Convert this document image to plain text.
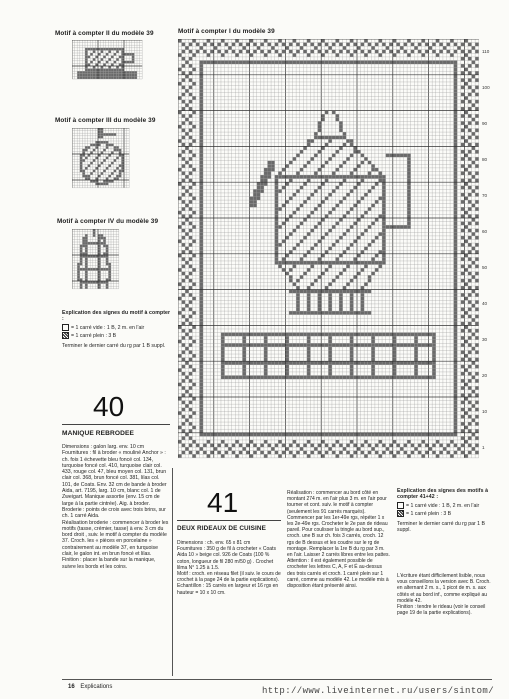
Motif à compter II du modèle 39
Motif à compter III du modèle 39
Motif à compter IV du modèle 39
Explication des signes du motif à compter :
= 1 carré vide : 1 B, 2 m. en l'air
= 1 carré plein : 3 B
Terminer le dernier carré du rg par 1 B suppl.
Motif à compter I du modèle 39
110
100
90
80
70
60
50
40
30
20
10
1
40
MANIQUE REBRODEE
Dimensions : galon larg. env. 10 cm
Fournitures : fil à broder « mouliné Anchor » : ch. fois 1 échevette bleu foncé col. 134, turquoise foncé col. 410, turquoise clair col. 433, rouge col. 47, bleu moyen col. 131, brun clair col. 368, brun foncé col. 381, lilas col. 101, de Coats. Env. 32 cm de bande à broder Aida, art. 7195, larg. 10 cm, blanc col. 1 de Zweigart. Manique assortie (env. 15 cm de large à la partie cintrée). Aig. à broder.
Broderie : points de croix avec trois brins, sur ch. 1 carré Aida.
Réalisation broderie : commencer à broder les motifs (tasse, crémier, tasse) à env. 3 cm du bord droit , suiv. le motif à compter du modèle 37. Croch. les « pièces en porcelaine » contrairement au modèle 37, en turquoise clair, le galon int. en brun foncé et lilas.
Finition : placer la bande sur la manique, suivre les bords et les coins.
41
DEUX RIDEAUX DE CUISINE
Dimensions : ch. env. 65 x 81 cm
Fournitures : 350 g de fil à crocheter « Coats Aida 10 » beige col. 926 de Coats (100 % coton, longueur de fil 280 m/50 g) . Crochet lilma N° 1.25 à 1.5.
Motif : croch. en réseau filet (il suiv. le cours de crochet à la page 24 de la partie explications).
Echantillon : 15 carrés en largeur et 16 rgs en hauteur = 10 x 10 cm.
Réalisation : commencer au bord côté en montant 274 m. en l'air plus 3 m. en l'air pour tourner et cont. suiv. le motif à compter (seulement les 91 carrés marqués). Commencer par les 1er-49e rgs, répéter 1 x les 2e-49e rgs. Crocheter le 2e pan de rideau pareil. Pour coulisser la tringle au bord sup., croch. une B sur ch. fois 3 carrés, croch. 12 rgs de B dessus et les coudre sur le rg de montage. Remplacer la 1re B du rg par 3 m. en l'air. Laisser 2 carrés libres entre les pattes. Attention : il est également possible de crocheter les lettres C, A, F et É au-dessus des trois carrés et croch. 1 carré plein sur 1 carré, comme au modèle 42. Le modèle mis à disposition étant présenté ainsi.
Explication des signes des motifs à compter 41+42 :
= 1 carré vide : 1 B, 2 m. en l'air
= 1 carré plein : 3 B
Terminer le dernier carré du rg par 1 B suppl.
L'écriture étant difficilement lisible, nous vous conseillons la version avec B. Croch. en alternant 2 m. s., 1 picot de m. s. aux côtés et au bord inf., comme expliqué au modèle 42.
Finition : tendre le rideau (voir le conseil page 19 de la partie explications).
16 Explications	http://www.liveinternet.ru/users/sintom/
